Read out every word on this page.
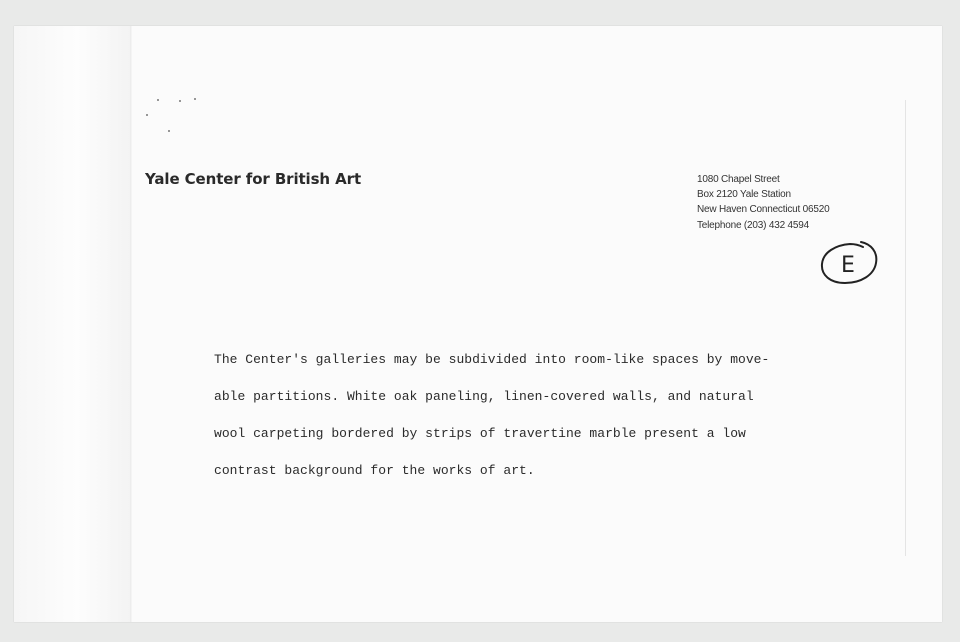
Yale Center for British Art	1080 Chapel Street
Box 2120 Yale Station
New Haven Connecticut 06520
Telephone (203) 432 4594
E
The Center's galleries may be subdivided into room-like spaces by move-
able partitions. White oak paneling, linen-covered walls, and natural
wool carpeting bordered by strips of travertine marble present a low
contrast background for the works of art.
